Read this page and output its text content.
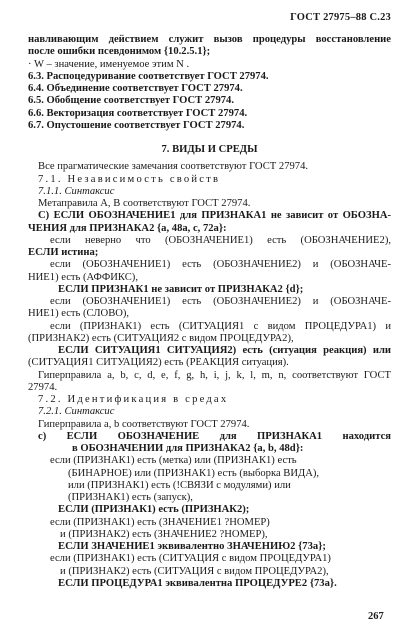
ГОСТ 27975–88 С.23
навливающим действием служит вызов процедуры восстановление
после ошибки псевдонимом {10.2.5.1};
· W – значение, именуемое этим N .
6.3. Распоцедуривание соответствует ГОСТ 27974.
6.4. Объединение соответствует ГОСТ 27974.
6.5. Обобщение соответствует ГОСТ 27974.
6.6. Векторизация соответствует ГОСТ 27974.
6.7. Опустошение соответствует ГОСТ 27974.
7. ВИДЫ И СРЕДЫ
Все прагматические замечания соответствуют ГОСТ 27974.
7.1. Независимость свойств
7.1.1. Синтаксис
Метаправила A, B соответствуют ГОСТ 27974.
C) ЕСЛИ ОБОЗНАЧЕНИЕ1 для ПРИЗНАКА1 не зависит от ОБОЗНА-
ЧЕНИЯ для ПРИЗНАКА2 {a, 48a, c, 72a}:
если неверно что (ОБОЗНАЧЕНИЕ1) есть (ОБОЗНАЧЕНИЕ2),
ЕСЛИ истина;
если (ОБОЗНАЧЕНИЕ1) есть (ОБОЗНАЧЕНИЕ2) и (ОБОЗНАЧЕ-
НИЕ1) есть (АФФИКС),
ЕСЛИ ПРИЗНАК1 не зависит от ПРИЗНАКА2 {d};
если (ОБОЗНАЧЕНИЕ1) есть (ОБОЗНАЧЕНИЕ2) и (ОБОЗНАЧЕ-
НИЕ1) есть (СЛОВО),
если (ПРИЗНАК1) есть (СИТУАЦИЯ1 с видом ПРОЦЕДУРА1) и
(ПРИЗНАК2) есть (СИТУАЦИЯ2 с видом ПРОЦЕДУРА2),
ЕСЛИ СИТУАЦИЯ1 СИТУАЦИЯ2) есть (ситуация реакция) или
(СИТУАЦИЯ1 СИТУАЦИЯ2) есть (РЕАКЦИЯ ситуация).
Гиперправила a, b, c, d, e, f, g, h, i, j, k, l, m, n, соответствуют ГОСТ
27974.
7.2. Идентификация в средах
7.2.1. Синтаксис
Гиперправила a, b соответствуют ГОСТ 27974.
c) ЕСЛИ ОБОЗНАЧЕНИЕ для ПРИЗНАКА1 находится
в ОБОЗНАЧЕНИИ для ПРИЗНАКА2 {a, b, 48d}:
если (ПРИЗНАК1) есть (метка) или (ПРИЗНАК1) есть
(БИНАРНОЕ) или (ПРИЗНАК1) есть (выборка ВИДА),
или (ПРИЗНАК1) есть (!СВЯЗИ с модулями) или
(ПРИЗНАК1) есть (запуск),
ЕСЛИ (ПРИЗНАК1) есть (ПРИЗНАК2);
если (ПРИЗНАК1) есть (ЗНАЧЕНИЕ1 ?НОМЕР)
и (ПРИЗНАК2) есть (ЗНАЧЕНИЕ2 ?НОМЕР),
ЕСЛИ ЗНАЧЕНИЕ1 эквивалентно ЗНАЧЕНИЮ2 {73a};
если (ПРИЗНАК1) есть (СИТУАЦИЯ с видом ПРОЦЕДУРА1)
и (ПРИЗНАК2) есть (СИТУАЦИЯ с видом ПРОЦЕДУРА2),
ЕСЛИ ПРОЦЕДУРА1 эквивалентна ПРОЦЕДУРЕ2 {73a}.
267
